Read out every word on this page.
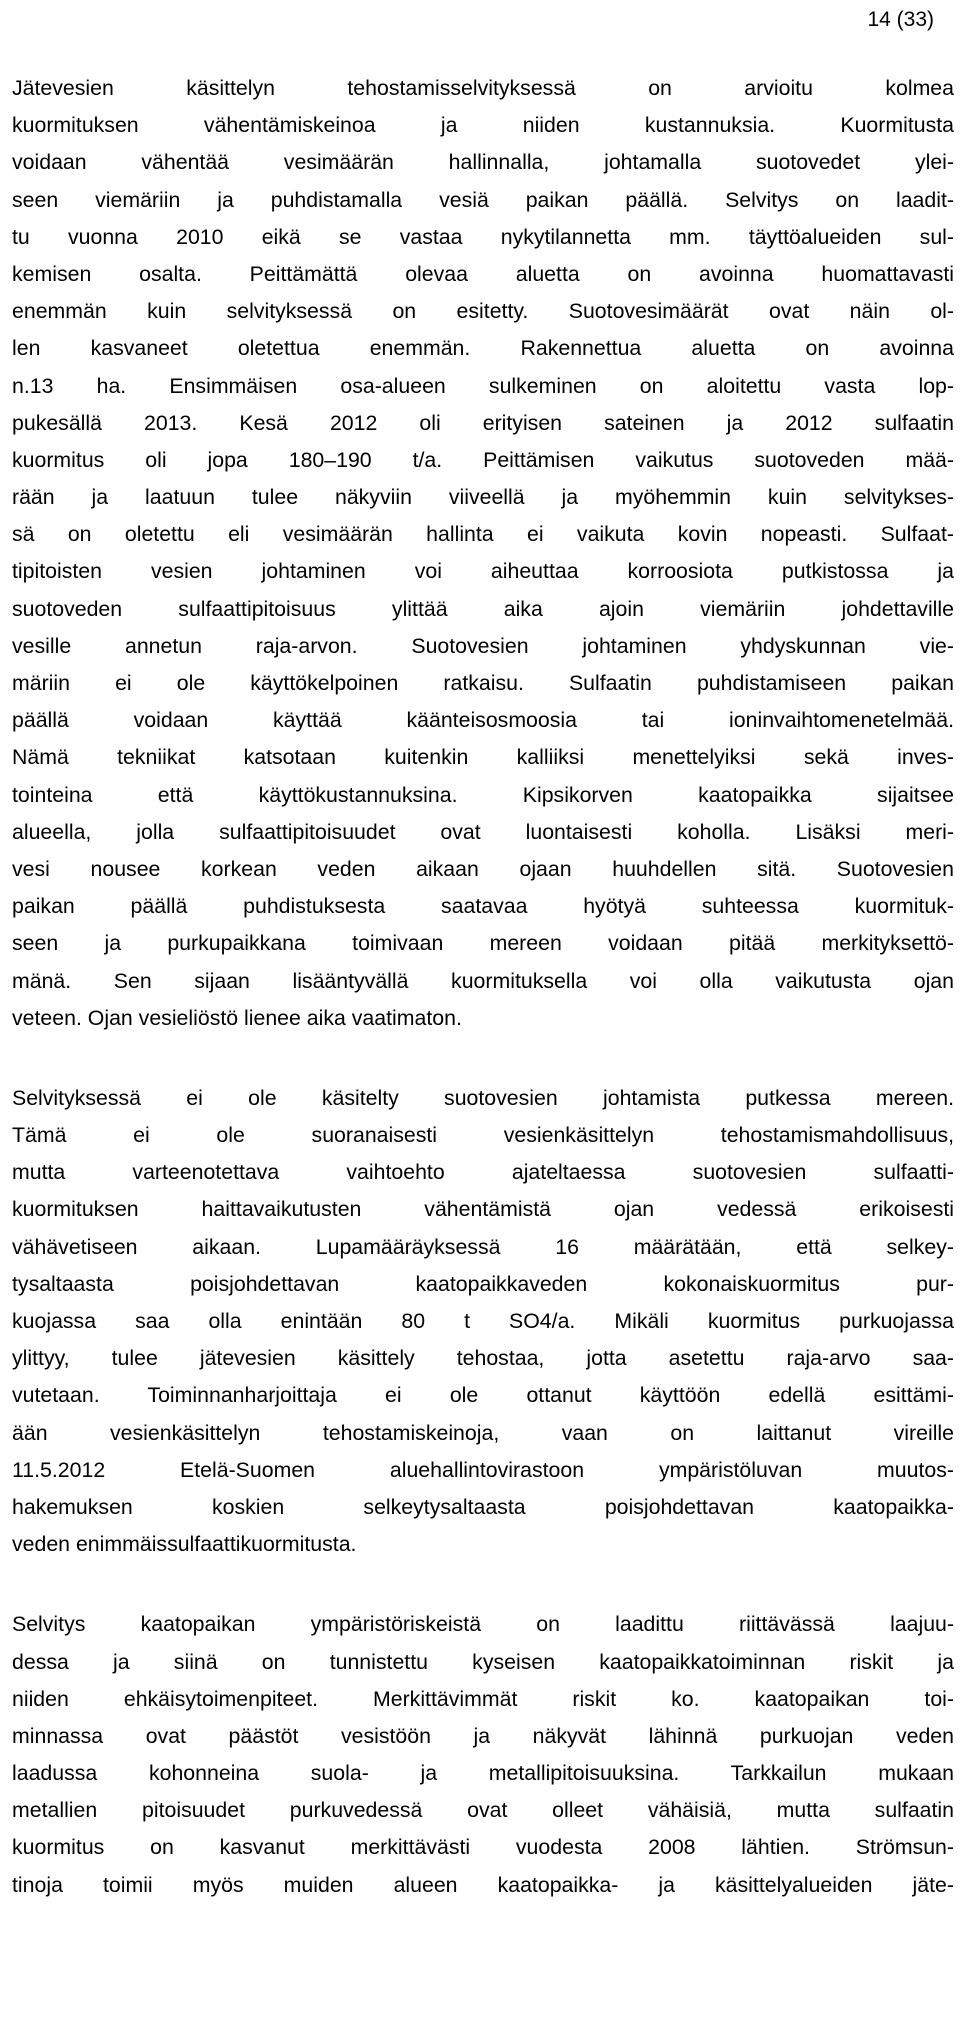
14 (33)
Jätevesien käsittelyn tehostamisselvityksessä on arvioitu kolmea
kuormituksen vähentämiskeinoa ja niiden kustannuksia. Kuormitusta
voidaan vähentää vesimäärän hallinnalla, johtamalla suotovedet ylei-
seen viemäriin ja puhdistamalla vesiä paikan päällä. Selvitys on laadit-
tu vuonna 2010 eikä se vastaa nykytilannetta mm. täyttöalueiden sul-
kemisen osalta. Peittämättä olevaa aluetta on avoinna huomattavasti
enemmän kuin selvityksessä on esitetty. Suotovesimäärät ovat näin ol-
len kasvaneet oletettua enemmän. Rakennettua aluetta on avoinna
n.13 ha. Ensimmäisen osa-alueen sulkeminen on aloitettu vasta lop-
pukesällä 2013. Kesä 2012 oli erityisen sateinen ja 2012 sulfaatin
kuormitus oli jopa 180–190 t/a. Peittämisen vaikutus suotoveden mää-
rään ja laatuun tulee näkyviin viiveellä ja myöhemmin kuin selvitykses-
sä on oletettu eli vesimäärän hallinta ei vaikuta kovin nopeasti. Sulfaat-
tipitoisten vesien johtaminen voi aiheuttaa korroosiota putkistossa ja
suotoveden sulfaattipitoisuus ylittää aika ajoin viemäriin johdettaville
vesille annetun raja-arvon. Suotovesien johtaminen yhdyskunnan vie-
märiin ei ole käyttökelpoinen ratkaisu. Sulfaatin puhdistamiseen paikan
päällä voidaan käyttää käänteisosmoosia tai ioninvaihtomenetelmää.
Nämä tekniikat katsotaan kuitenkin kalliiksi menettelyiksi sekä inves-
tointeina että käyttökustannuksina. Kipsikorven kaatopaikka sijaitsee
alueella, jolla sulfaattipitoisuudet ovat luontaisesti koholla. Lisäksi meri-
vesi nousee korkean veden aikaan ojaan huuhdellen sitä. Suotovesien
paikan päällä puhdistuksesta saatavaa hyötyä suhteessa kuormituk-
seen ja purkupaikkana toimivaan mereen voidaan pitää merkityksettö-
mänä. Sen sijaan lisääntyvällä kuormituksella voi olla vaikutusta ojan
veteen. Ojan vesieliöstö lienee aika vaatimaton.
Selvityksessä ei ole käsitelty suotovesien johtamista putkessa mereen.
Tämä ei ole suoranaisesti vesienkäsittelyn tehostamismahdollisuus,
mutta varteenotettava vaihtoehto ajateltaessa suotovesien sulfaatti-
kuormituksen haittavaikutusten vähentämistä ojan vedessä erikoisesti
vähävetiseen aikaan. Lupamääräyksessä 16 määrätään, että selkey-
tysaltaasta poisjohdettavan kaatopaikkaveden kokonaiskuormitus pur-
kuojassa saa olla enintään 80 t SO4/a. Mikäli kuormitus purkuojassa
ylittyy, tulee jätevesien käsittely tehostaa, jotta asetettu raja-arvo saa-
vutetaan. Toiminnanharjoittaja ei ole ottanut käyttöön edellä esittämi-
ään vesienkäsittelyn tehostamiskeinoja, vaan on laittanut vireille
11.5.2012 Etelä-Suomen aluehallintovirastoon ympäristöluvan muutos-
hakemuksen koskien selkeytysaltaasta poisjohdettavan kaatopaikka-
veden enimmäissulfaattikuormitusta.
Selvitys kaatopaikan ympäristöriskeistä on laadittu riittävässä laajuu-
dessa ja siinä on tunnistettu kyseisen kaatopaikkatoiminnan riskit ja
niiden ehkäisytoimenpiteet. Merkittävimmät riskit ko. kaatopaikan toi-
minnassa ovat päästöt vesistöön ja näkyvät lähinnä purkuojan veden
laadussa kohonneina suola- ja metallipitoisuuksina. Tarkkailun mukaan
metallien pitoisuudet purkuvedessä ovat olleet vähäisiä, mutta sulfaatin
kuormitus on kasvanut merkittävästi vuodesta 2008 lähtien. Strömsun-
tinoja toimii myös muiden alueen kaatopaikka- ja käsittelyalueiden jäte-
